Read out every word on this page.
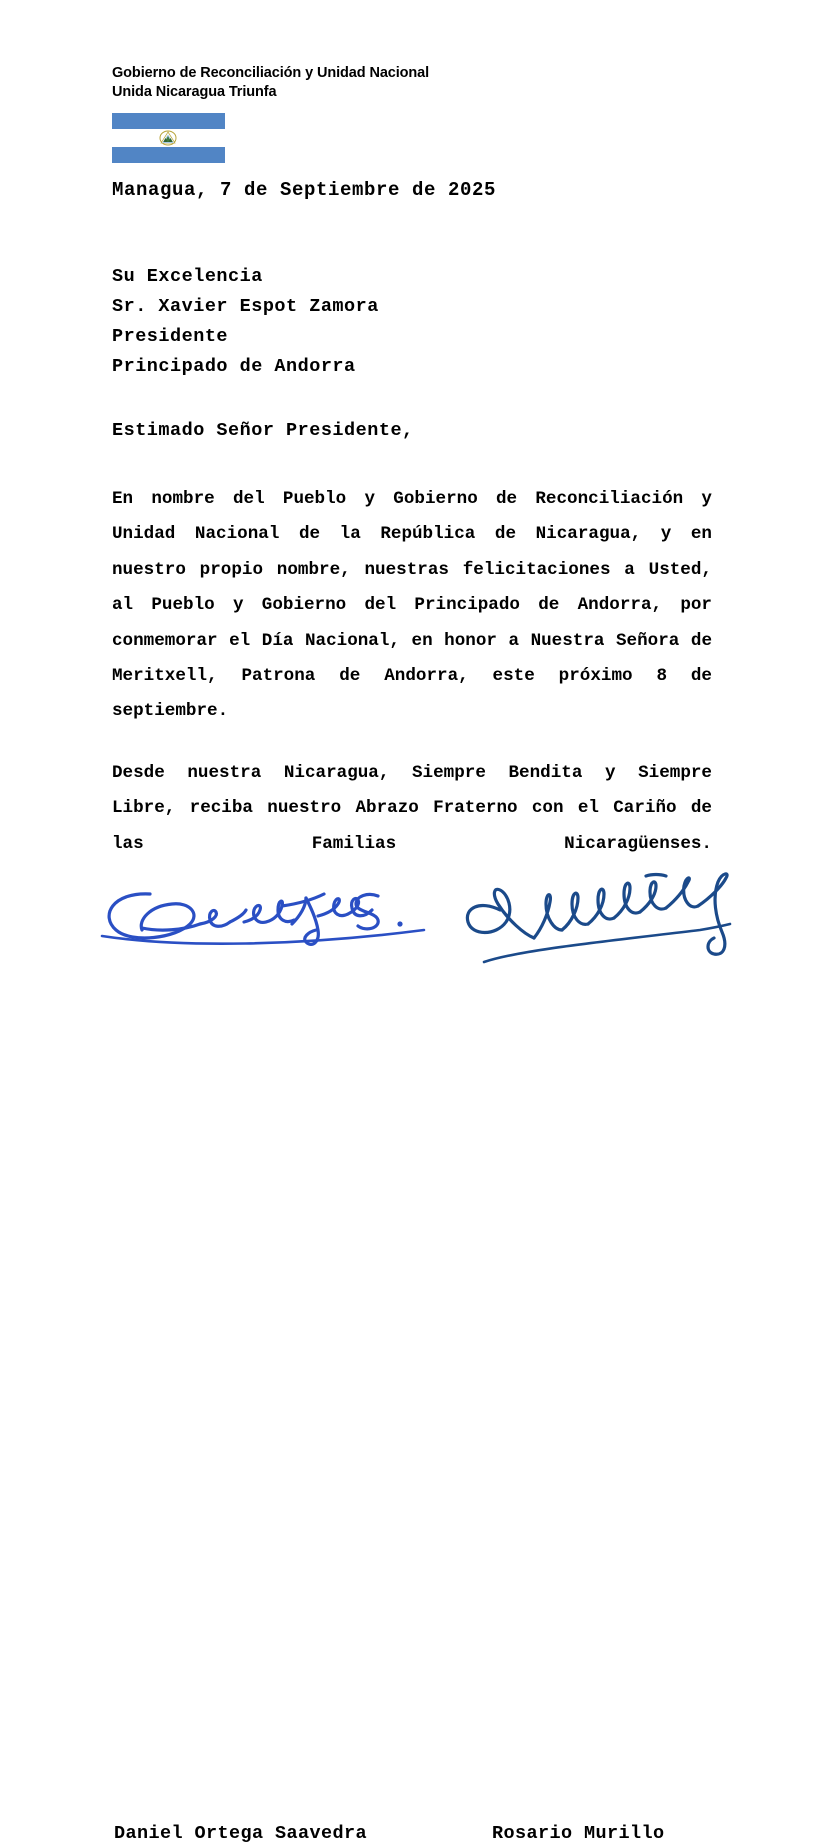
Gobierno de Reconciliación y Unidad Nacional
Unida Nicaragua Triunfa
Managua, 7 de Septiembre de 2025
Su Excelencia
Sr. Xavier Espot Zamora
Presidente
Principado de Andorra
Estimado Señor Presidente,
En nombre del Pueblo y Gobierno de Reconciliación y Unidad Nacional de la República de Nicaragua, y en nuestro propio nombre, nuestras felicitaciones a Usted, al Pueblo y Gobierno del Principado de Andorra, por conmemorar el Día Nacional, en honor a Nuestra Señora de Meritxell, Patrona de Andorra, este próximo 8 de septiembre.
Desde nuestra Nicaragua, Siempre Bendita y Siempre Libre, reciba nuestro Abrazo Fraterno con el Cariño de las Familias Nicaragüenses.
Daniel Ortega Saavedra	Rosario Murillo
